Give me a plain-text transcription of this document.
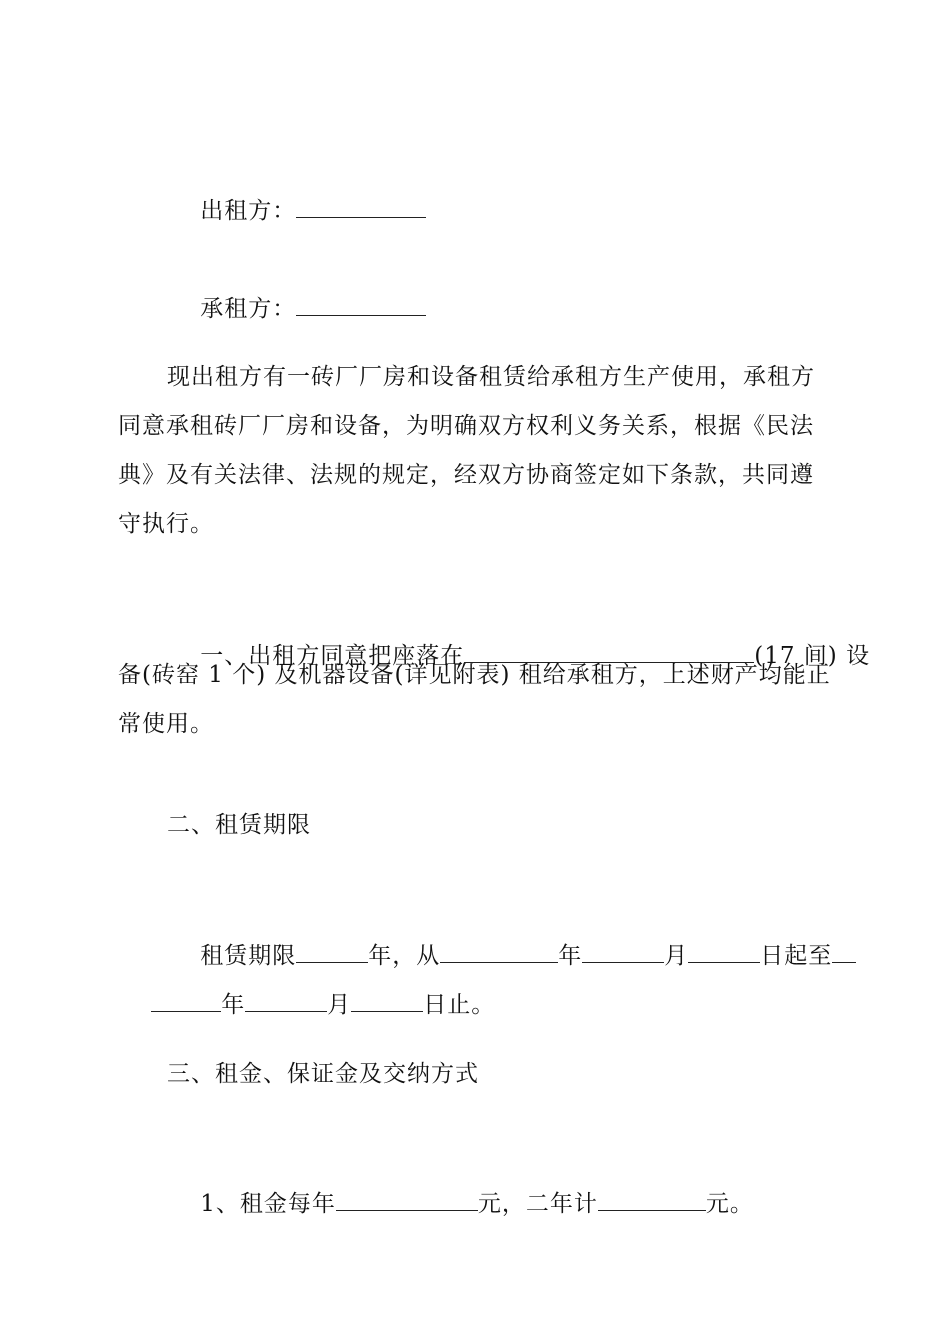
出租方：

承租方：

现出租方有一砖厂厂房和设备租赁给承租方生产使用，承租方
同意承租砖厂厂房和设备，为明确双方权利义务关系，根据《民法
典》及有关法律、法规的规定，经双方协商签定如下条款，共同遵
守执行。

一、出租方同意把座落在	(17 间) 设

备(砖窑 1 个) 及机器设备(详见附表) 租给承租方，上述财产均能正
常使用。
二、租赁期限

租赁期限	年，从	年	月	日起至

年	月	日止。

三、租金、保证金及交纳方式

1、租金每年	元，二年计	元。
